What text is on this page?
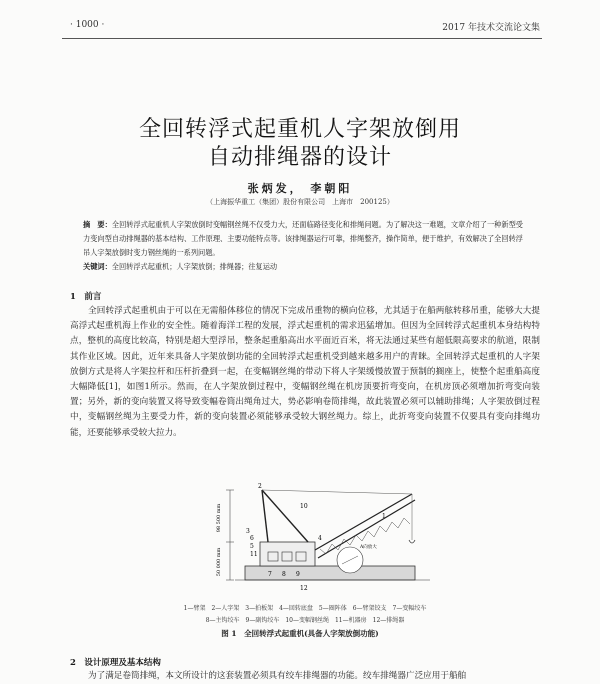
· 1000 ·	2017 年技术交流论文集
全回转浮式起重机人字架放倒用
自动排绳器的设计
张炳发， 李朝阳
（上海振华重工（集团）股份有限公司　上海市　200125）
摘　要：全回转浮式起重机人字架放倒时变幅钢丝绳不仅受力大，还面临路径变化和排绳问题。为了解决这一难题，文章介绍了一种新型受力变向型自动排绳器的基本结构、工作原理、主要功能特点等。该排绳器运行可靠，排绳整齐，操作简单，便于维护，有效解决了全回转浮吊人字架放倒时变力钢丝绳的一系列问题。
关键词：全回转浮式起重机；人字架放倒；排绳器；往复运动
1　前言
全回转浮式起重机由于可以在无需船体移位的情况下完成吊重物的横向位移，尤其适于在船两舷转移吊重，能够大大提高浮式起重机海上作业的安全性。随着海洋工程的发展，浮式起重机的需求迅猛增加。但因为全回转浮式起重机本身结构特点，整机的高度比较高，特别是超大型浮吊，整条起重船高出水平面近百米，将无法通过某些有超低限高要求的航道，限制其作业区域。因此，近年来具备人字架放倒功能的全回转浮式起重机受到越来越多用户的青睐。全回转浮式起重机的人字架放倒方式是将人字架拉杆和压杆折叠到一起，在变幅钢丝绳的带动下将人字架缓慢放置于预制的搁座上，使整个起重船高度大幅降低[1]，如图1所示。然而，在人字架放倒过程中，变幅钢丝绳在机房顶要折弯变向，在机房顶必须增加折弯变向装置；另外，新的变向装置又将导致变幅卷筒出绳角过大，势必影响卷筒排绳，故此装置必须可以辅助排绳；人字架放倒过程中，变幅钢丝绳为主要受力件，新的变向装置必须能够承受较大钢丝绳力。综上，此折弯变向装置不仅要具有变向排绳功能，还要能够承受较大拉力。
98 500 mm
50 000 mm
A向放大
2
1
3
4
5
6
7 8 9
10
11
12
1—臂架　2—人字架　3—拍板架　4—回转底盘　5—圈阵体　6—臂架铰支　7—变幅绞车
8—主钩绞车　9—副钩绞车　10—变幅钢丝绳　11—机器房　12—排绳器
图 1　全回转浮式起重机(具备人字架放倒功能)
2　设计原理及基本结构
为了满足卷筒排绳，本文所设计的这套装置必须具有绞车排绳器的功能。绞车排绳器广泛应用于船舶
